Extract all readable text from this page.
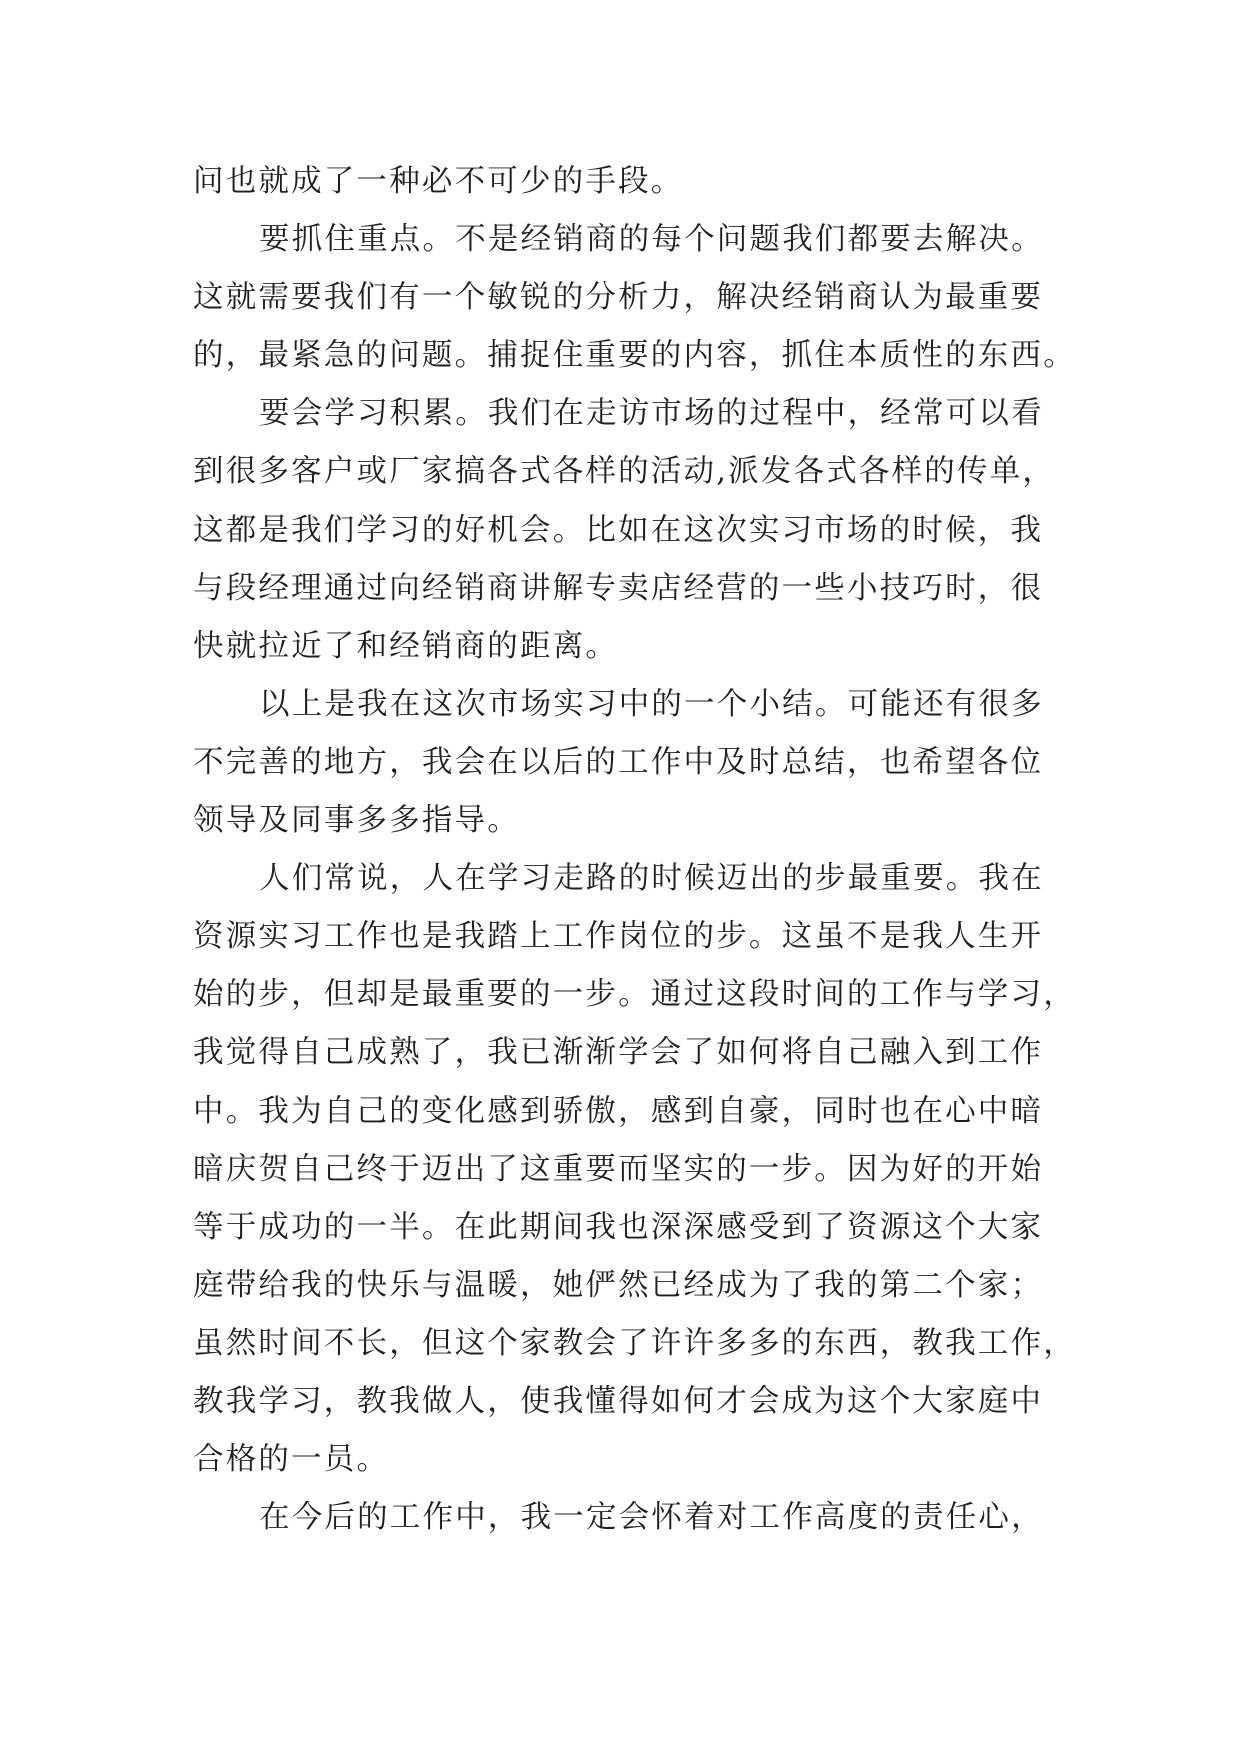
问也就成了一种必不可少的手段。
要抓住重点。不是经销商的每个问题我们都要去解决。
这就需要我们有一个敏锐的分析力，解决经销商认为最重要
的，最紧急的问题。捕捉住重要的内容，抓住本质性的东西。
要会学习积累。我们在走访市场的过程中，经常可以看
到很多客户或厂家搞各式各样的活动,派发各式各样的传单，
这都是我们学习的好机会。比如在这次实习市场的时候，我
与段经理通过向经销商讲解专卖店经营的一些小技巧时，很
快就拉近了和经销商的距离。
以上是我在这次市场实习中的一个小结。可能还有很多
不完善的地方，我会在以后的工作中及时总结，也希望各位
领导及同事多多指导。
人们常说，人在学习走路的时候迈出的步最重要。我在
资源实习工作也是我踏上工作岗位的步。这虽不是我人生开
始的步，但却是最重要的一步。通过这段时间的工作与学习，
我觉得自己成熟了，我已渐渐学会了如何将自己融入到工作
中。我为自己的变化感到骄傲，感到自豪，同时也在心中暗
暗庆贺自己终于迈出了这重要而坚实的一步。因为好的开始
等于成功的一半。在此期间我也深深感受到了资源这个大家
庭带给我的快乐与温暖，她俨然已经成为了我的第二个家；
虽然时间不长，但这个家教会了许许多多的东西，教我工作，
教我学习，教我做人，使我懂得如何才会成为这个大家庭中
合格的一员。
在今后的工作中，我一定会怀着对工作高度的责任心，
